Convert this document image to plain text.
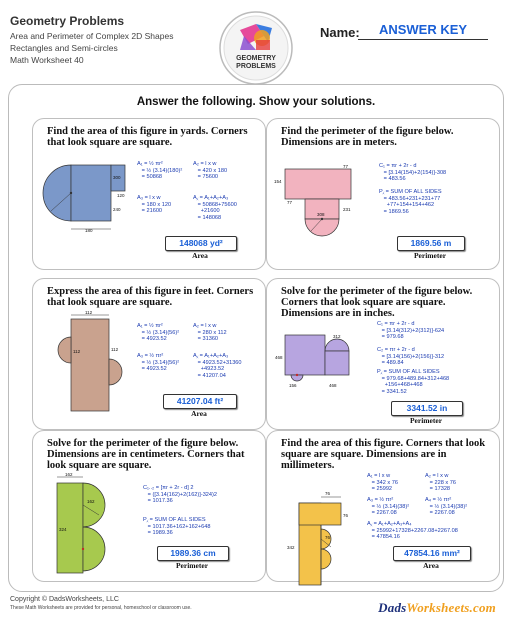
Geometry Problems
Area and Perimeter of Complex 2D Shapes
Rectangles and Semi-circles
Math Worksheet 40	GEOMETRY
PROBLEMS
Name:	ANSWER KEY
Answer the following. Show your solutions.
Find the area of this figure in yards. Corners that look square are square.
300
120
240
180
A₁ = ½ πr²
= ½ (3.14)(180)²
= 50868
A₂ = l x w
= 420 x 180
= 75600
A₃ = l x w
= 180 x 120
= 21600
A⁁ = A₁+A₂+A₃
= 50868+75600
+21600
= 148068
148068 yd²
Area
Find the perimeter of the figure below. Dimensions are in meters.
154
77
77
308
231
C₁ = πr + 2r - d
= [3.14(154)+2(154)]-308
= 483.56
P⁁ = SUM OF ALL SIDES
= 483.56+231+231+77
+77+154+154+462
= 1869.56
1869.56 m
Perimeter
Express the area of this figure in feet. Corners that look square are square.
112
112	112
A₁ = ½ πr²
= ½ (3.14)(56)²
= 4923.52
A₂ = l x w
= 280 x 112
= 31360
A₃ = ½ πr²
= ½ (3.14)(56)²
= 4923.52
A⁁ = A₁+A₂+A₃
= 4923.52+31360
+4923.52
= 41207.04
41207.04 ft²
Area
Solve for the perimeter of the figure below. Corners that look square are square. Dimensions are in inches.
312
468
156	468
C₁ = πr + 2r - d
= [3.14(312)+2(312)]-624
= 979.68
C₂ = πr + 2r - d
= [3.14(156)+2(156)]-312
= 489.84
P⁁ = SUM OF ALL SIDES
= 979.68+489.84+312+468
+156+468+468
= 3341.52
3341.52 in
Perimeter
Solve for the perimeter of the figure below. Dimensions are in centimeters. Corners that look square are square.
162
162
324
C₁..₂ = [πr + 2r - d] 2
= ([3.14(162)+2(162)]-324)2
= 1017.36
P⁁ = SUM OF ALL SIDES
= 1017.36+162+162+648
= 1989.36
1989.36 cm
Perimeter
Find the area of this figure. Corners that look square are square. Dimensions are in millimeters.
76
76
342
76
A₁ = l x w
= 342 x 76
= 25992
A₂ = l x w
= 228 x 76
= 17328
A₃ = ½ πr²
= ½ (3.14)(38)²
= 2267.08
A₄ = ½ πr²
= ½ (3.14)(38)²
= 2267.08
A⁁ = A₁+A₂+A₃+A₄
= 25992+17328+2267.08+2267.08
= 47854.16
47854.16 mm²
Area
Copyright © DadsWorksheets, LLC
These Math Worksheets are provided for personal, homeschool or classroom use.	DadsWorksheets.com
